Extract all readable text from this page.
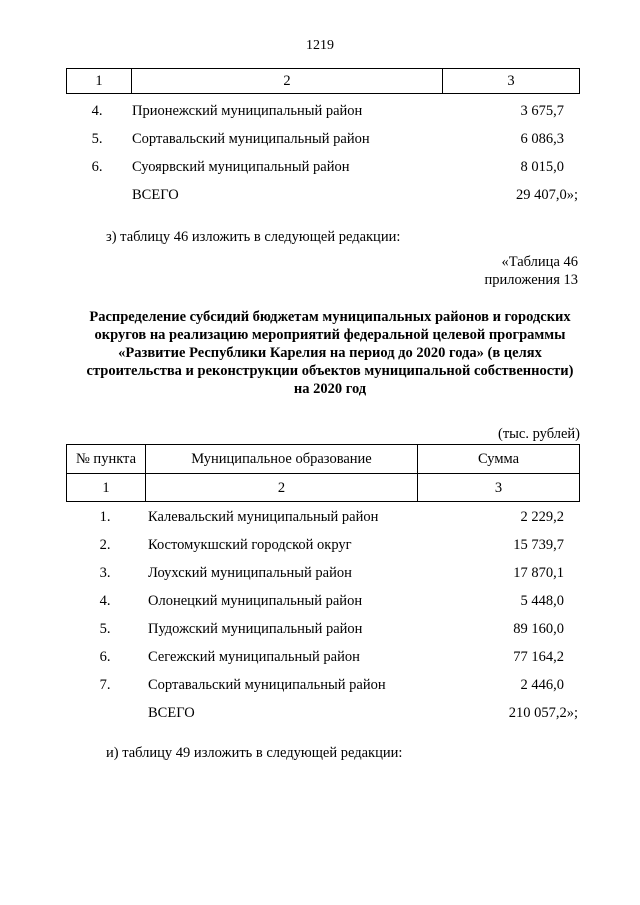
1219
1	2	3
4.	Прионежский муниципальный район	3 675,7
5.	Сортавальский муниципальный район	6 086,3
6.	Суоярвский муниципальный район	8 015,0
ВСЕГО	29 407,0»;
з) таблицу 46 изложить в следующей редакции:
«Таблица 46
приложения 13
Распределение субсидий бюджетам муниципальных районов и городских округов на реализацию мероприятий федеральной целевой программы «Развитие Республики Карелия на период до 2020 года» (в целях строительства и реконструкции объектов муниципальной собственности) на 2020 год
(тыс. рублей)
№ пункта	Муниципальное образование	Сумма
1	2	3
1.	Калевальский муниципальный район	2 229,2
2.	Костомукшский городской округ	15 739,7
3.	Лоухский муниципальный район	17 870,1
4.	Олонецкий муниципальный район	5 448,0
5.	Пудожский муниципальный район	89 160,0
6.	Сегежский муниципальный район	77 164,2
7.	Сортавальский муниципальный район	2 446,0
ВСЕГО	210 057,2»;
и) таблицу 49 изложить в следующей редакции:
